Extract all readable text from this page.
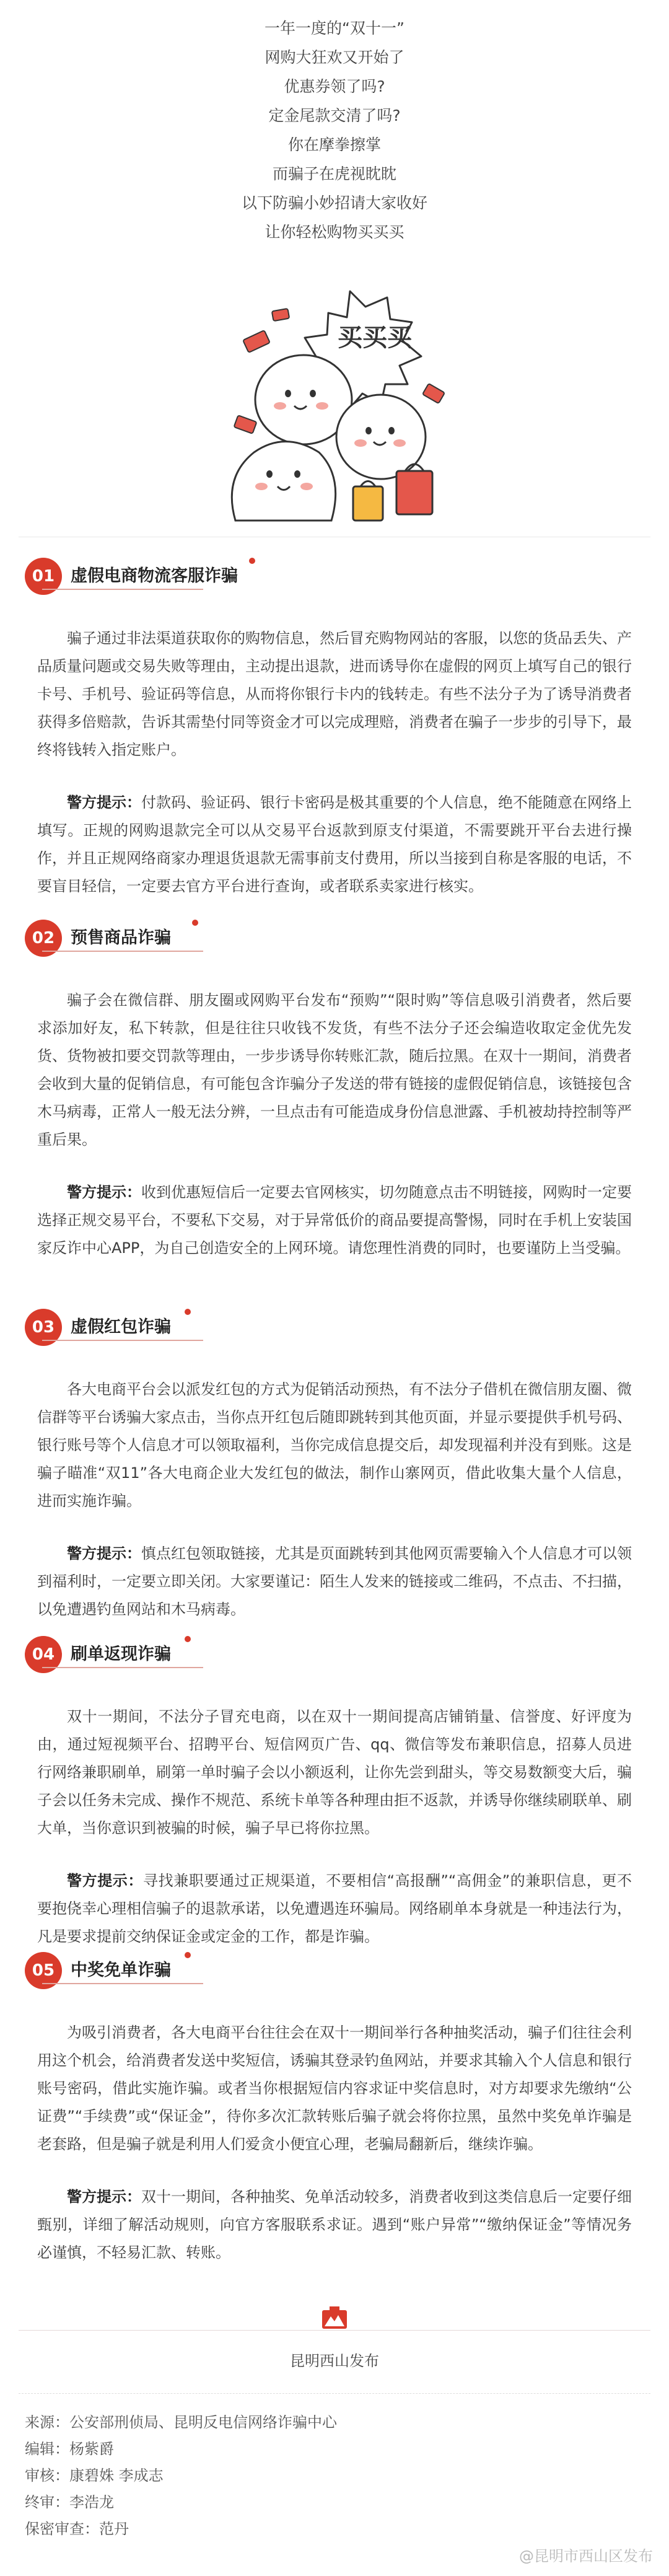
一年一度的“双十一”

网购大狂欢又开始了

优惠券领了吗?

定金尾款交清了吗?

你在摩拳擦掌

而骗子在虎视眈眈

以下防骗小妙招请大家收好

让你轻松购物买买买

买买买
01 虚假电商物流客服诈骗

骗子通过非法渠道获取你的购物信息，然后冒充购物网站的客服，以您的货品丢失、产品质量问题或交易失败等理由，主动提出退款，进而诱导你在虚假的网页上填写自己的银行卡号、手机号、验证码等信息，从而将你银行卡内的钱转走。有些不法分子为了诱导消费者获得多倍赔款，告诉其需垫付同等资金才可以完成理赔，消费者在骗子一步步的引导下，最终将钱转入指定账户。

警方提示：付款码、验证码、银行卡密码是极其重要的个人信息，绝不能随意在网络上填写。正规的网购退款完全可以从交易平台返款到原支付渠道，不需要跳开平台去进行操作，并且正规网络商家办理退货退款无需事前支付费用，所以当接到自称是客服的电话，不要盲目轻信，一定要去官方平台进行查询，或者联系卖家进行核实。

02 预售商品诈骗

骗子会在微信群、朋友圈或网购平台发布“预购”“限时购”等信息吸引消费者，然后要求添加好友，私下转款，但是往往只收钱不发货，有些不法分子还会编造收取定金优先发货、货物被扣要交罚款等理由，一步步诱导你转账汇款，随后拉黑。在双十一期间，消费者会收到大量的促销信息，有可能包含诈骗分子发送的带有链接的虚假促销信息，该链接包含木马病毒，正常人一般无法分辨，一旦点击有可能造成身份信息泄露、手机被劫持控制等严重后果。

警方提示：收到优惠短信后一定要去官网核实，切勿随意点击不明链接，网购时一定要选择正规交易平台，不要私下交易，对于异常低价的商品要提高警惕，同时在手机上安装国家反诈中心APP，为自己创造安全的上网环境。请您理性消费的同时，也要谨防上当受骗。

03 虚假红包诈骗

各大电商平台会以派发红包的方式为促销活动预热，有不法分子借机在微信朋友圈、微信群等平台诱骗大家点击，当你点开红包后随即跳转到其他页面，并显示要提供手机号码、银行账号等个人信息才可以领取福利，当你完成信息提交后，却发现福利并没有到账。这是骗子瞄准“双11”各大电商企业大发红包的做法，制作山寨网页，借此收集大量个人信息，进而实施诈骗。

警方提示：慎点红包领取链接，尤其是页面跳转到其他网页需要输入个人信息才可以领到福利时，一定要立即关闭。大家要谨记：陌生人发来的链接或二维码，不点击、不扫描，以免遭遇钓鱼网站和木马病毒。

04 刷单返现诈骗

双十一期间，不法分子冒充电商，以在双十一期间提高店铺销量、信誉度、好评度为由，通过短视频平台、招聘平台、短信网页广告、qq、微信等发布兼职信息，招募人员进行网络兼职刷单，刷第一单时骗子会以小额返利，让你先尝到甜头，等交易数额变大后，骗子会以任务未完成、操作不规范、系统卡单等各种理由拒不返款，并诱导你继续刷联单、刷大单，当你意识到被骗的时候，骗子早已将你拉黑。

警方提示：寻找兼职要通过正规渠道，不要相信“高报酬”“高佣金”的兼职信息，更不要抱侥幸心理相信骗子的退款承诺，以免遭遇连环骗局。网络刷单本身就是一种违法行为，凡是要求提前交纳保证金或定金的工作，都是诈骗。

05 中奖免单诈骗

为吸引消费者，各大电商平台往往会在双十一期间举行各种抽奖活动，骗子们往往会利用这个机会，给消费者发送中奖短信，诱骗其登录钓鱼网站，并要求其输入个人信息和银行账号密码，借此实施诈骗。或者当你根据短信内容求证中奖信息时，对方却要求先缴纳“公证费”“手续费”或“保证金”，待你多次汇款转账后骗子就会将你拉黑，虽然中奖免单诈骗是老套路，但是骗子就是利用人们爱贪小便宜心理，老骗局翻新后，继续诈骗。

警方提示：双十一期间，各种抽奖、免单活动较多，消费者收到这类信息后一定要仔细甄别，详细了解活动规则，向官方客服联系求证。遇到“账户异常”“缴纳保证金”等情况务必谨慎，不轻易汇款、转账。

昆明西山发布

来源：公安部刑侦局、昆明反电信网络诈骗中心

编辑：杨紫爵

审核：康碧姝 李成志

终审：李浩龙

保密审查：范丹

@昆明市西山区发布
